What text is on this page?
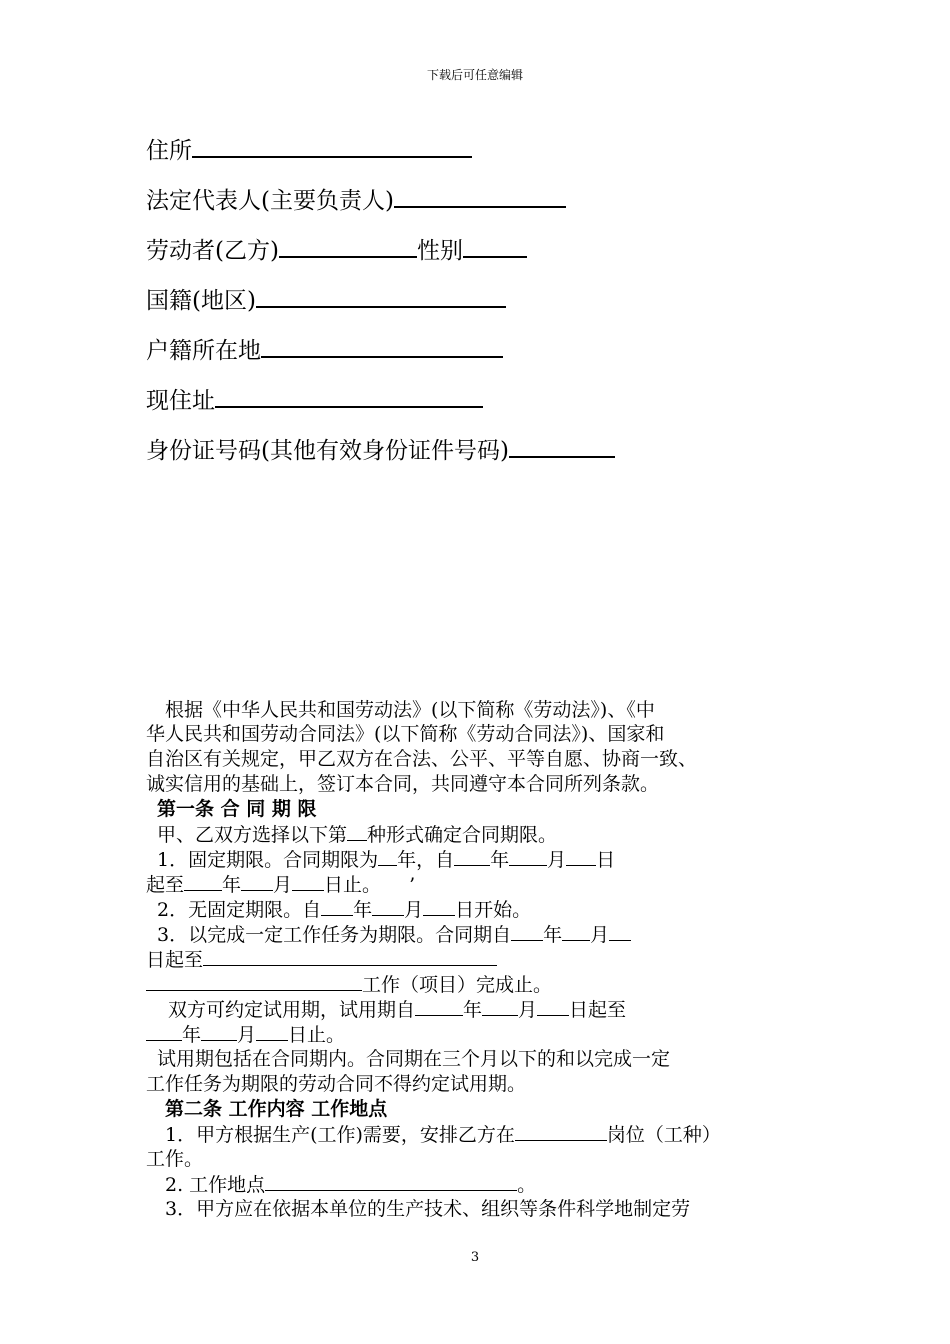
下载后可任意编辑
住所
法定代表人(主要负责人)
劳动者(乙方)	性别
国籍(地区)
户籍所在地
现住址
身份证号码(其他有效身份证件号码)
根据《中华人民共和国劳动法》(以下简称《劳动法》)、《中
华人民共和国劳动合同法》(以下简称《劳动合同法》)、国家和
自治区有关规定，甲乙双方在合法、公平、平等自愿、协商一致、
诚实信用的基础上，签订本合同，共同遵守本合同所列条款。
第一条 合 同 期 限
甲、乙双方选择以下第 种形式确定合同期限。
1．固定期限。合同期限为 年，自 年 月 日
起至 年 月 日止。 ’
2．无固定期限。自 年 月 日开始。
3．以完成一定工作任务为期限。合同期自 年 月
日起至
工作（项目）完成止。
双方可约定试用期，试用期自	年 月 日起至
年 月 日止。
试用期包括在合同期内。合同期在三个月以下的和以完成一定
工作任务为期限的劳动合同不得约定试用期。
第二条 工作内容 工作地点
1．甲方根据生产(工作)需要，安排乙方在	岗位（工种）
工作。
2. 工作地点	。
3．甲方应在依据本单位的生产技术、组织等条件科学地制定劳
3
